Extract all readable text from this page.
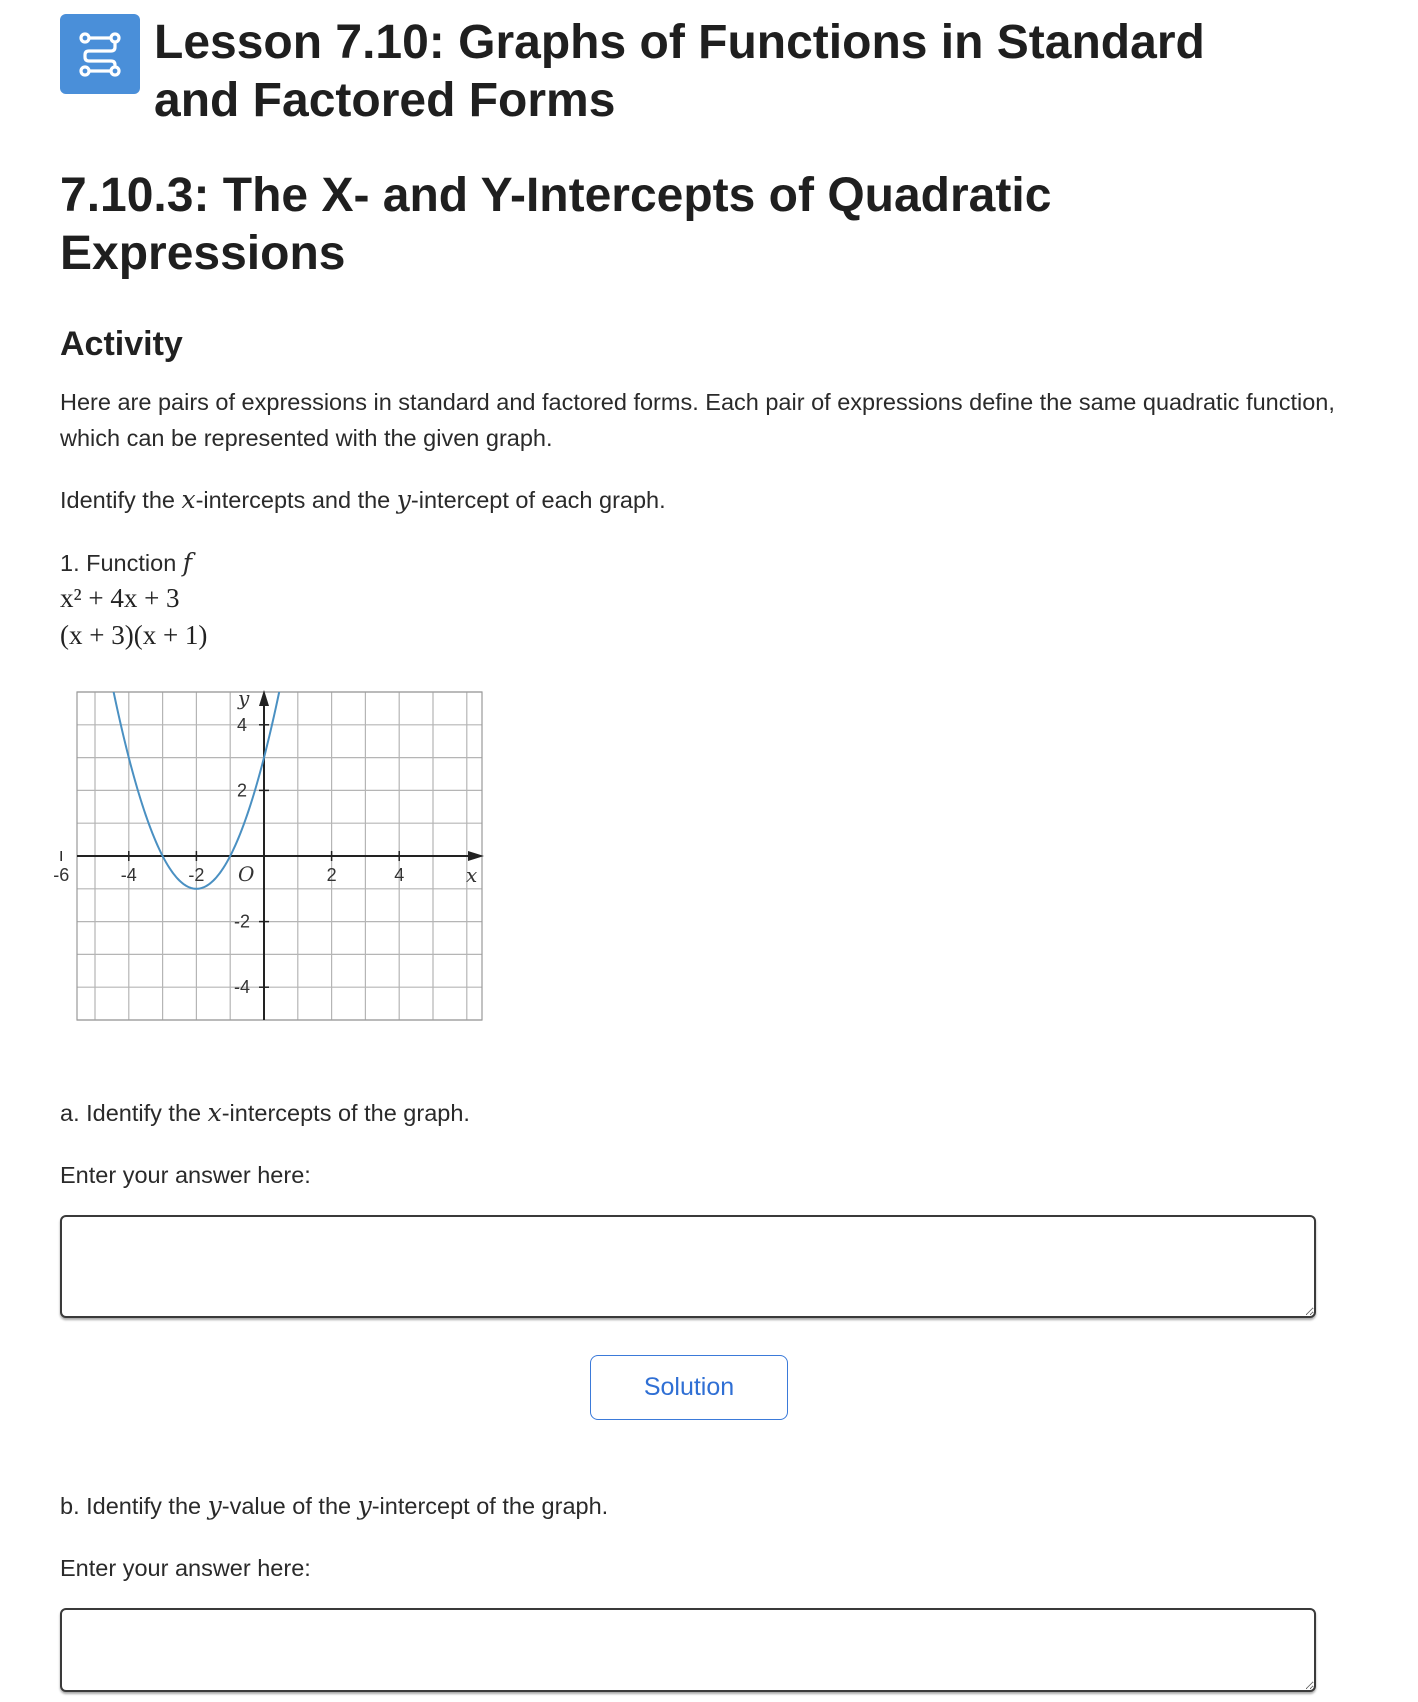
Lesson 7.10: Graphs of Functions in Standard and Factored Forms
7.10.3: The X- and Y-Intercepts of Quadratic Expressions
Activity

Here are pairs of expressions in standard and factored forms. Each pair of expressions define the same quadratic function, which can be represented with the given graph.

Identify the x-intercepts and the y-intercept of each graph.

1. Function f

x² + 4x + 3

(x + 3)(x + 1)

-6	-4	-2	2	4
4
2
-2
-4
x
y
O

a. Identify the x-intercepts of the graph.

Enter your answer here:

Solution

b. Identify the y-value of the y-intercept of the graph.

Enter your answer here:
